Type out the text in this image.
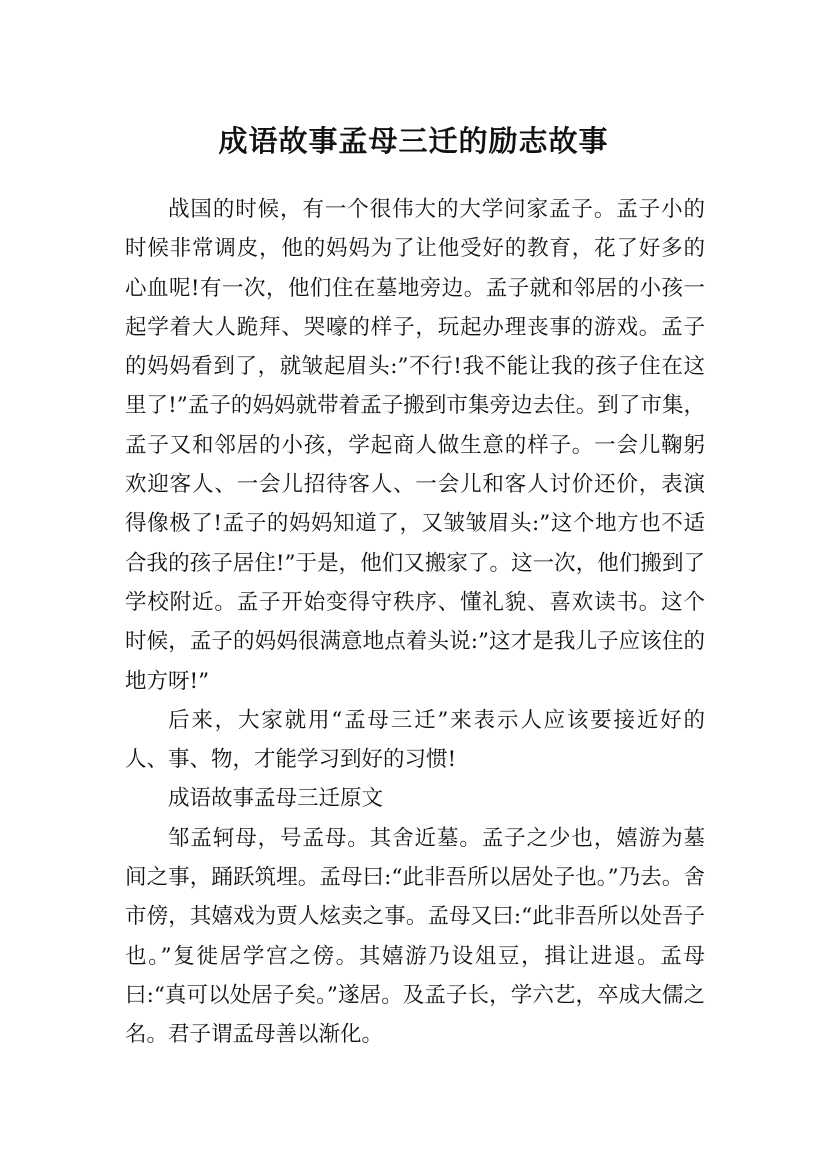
成语故事孟母三迁的励志故事

战国的时候，有一个很伟大的大学问家孟子。孟子小的时候非常调皮，他的妈妈为了让他受好的教育，花了好多的心血呢!有一次，他们住在墓地旁边。孟子就和邻居的小孩一起学着大人跪拜、哭嚎的样子，玩起办理丧事的游戏。孟子的妈妈看到了，就皱起眉头:”不行!我不能让我的孩子住在这里了!”孟子的妈妈就带着孟子搬到市集旁边去住。到了市集，孟子又和邻居的小孩，学起商人做生意的样子。一会儿鞠躬欢迎客人、一会儿招待客人、一会儿和客人讨价还价，表演得像极了!孟子的妈妈知道了，又皱皱眉头:”这个地方也不适合我的孩子居住!”于是，他们又搬家了。这一次，他们搬到了学校附近。孟子开始变得守秩序、懂礼貌、喜欢读书。这个时候，孟子的妈妈很满意地点着头说:”这才是我儿子应该住的地方呀!”

后来，大家就用“孟母三迁”来表示人应该要接近好的人、事、物，才能学习到好的习惯!

成语故事孟母三迁原文

邹孟轲母，号孟母。其舍近墓。孟子之少也，嬉游为墓间之事，踊跃筑埋。孟母曰:“此非吾所以居处子也。”乃去。舍市傍，其嬉戏为贾人炫卖之事。孟母又曰:“此非吾所以处吾子也。”复徙居学宫之傍。其嬉游乃设俎豆，揖让进退。孟母曰:“真可以处居子矣。”遂居。及孟子长，学六艺，卒成大儒之名。君子谓孟母善以渐化。
